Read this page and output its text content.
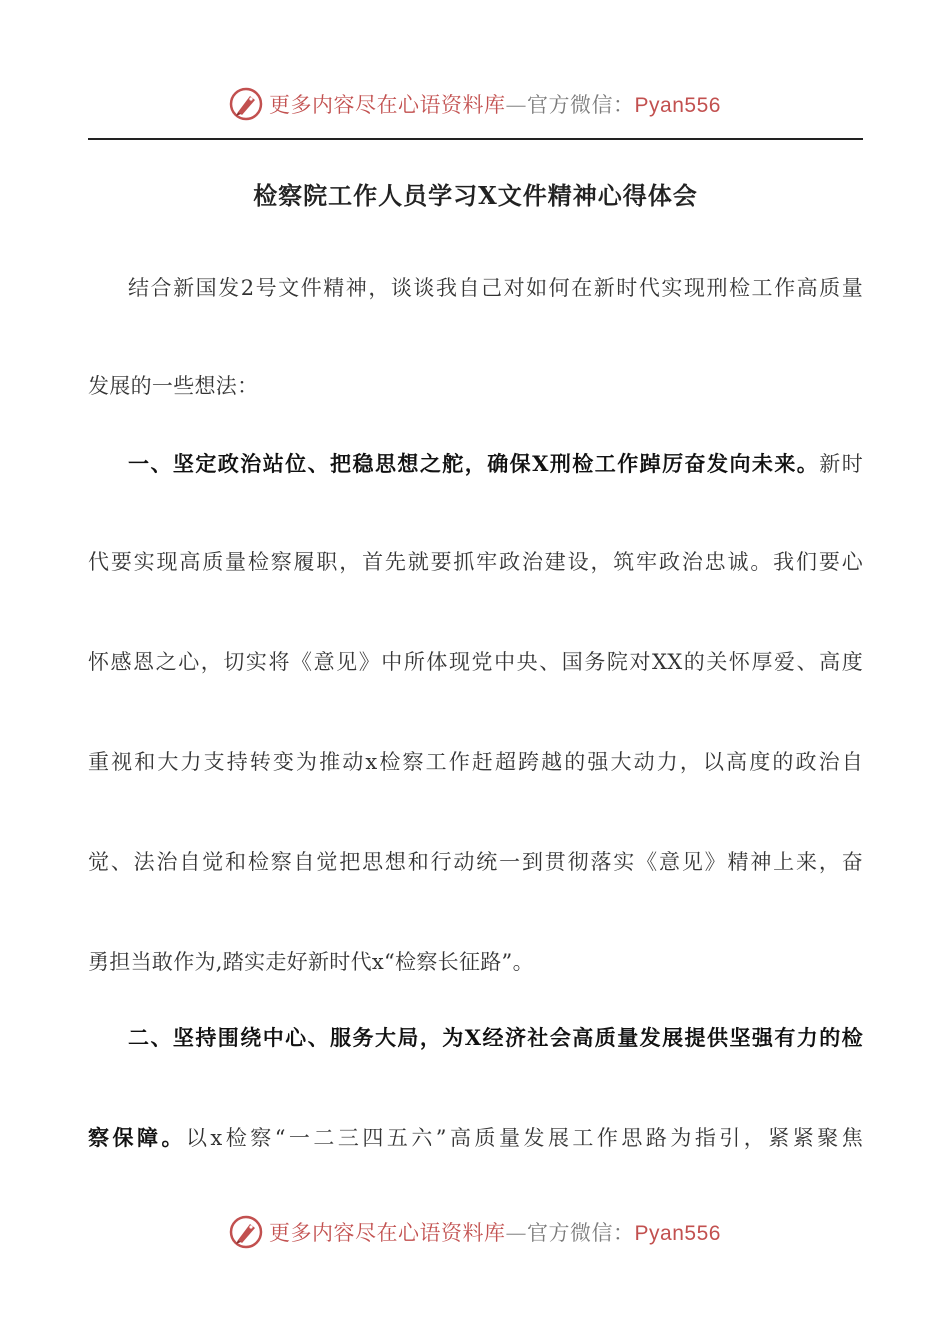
更多内容尽在心语资料库—官方微信：Pyan556
检察院工作人员学习X文件精神心得体会
结合新国发2号文件精神，谈谈我自己对如何在新时代实现刑检工作高质量
发展的一些想法：
一、坚定政治站位、把稳思想之舵，确保X刑检工作踔厉奋发向未来。新时
代要实现高质量检察履职，首先就要抓牢政治建设，筑牢政治忠诚。我们要心
怀感恩之心，切实将《意见》中所体现党中央、国务院对XX的关怀厚爱、高度
重视和大力支持转变为推动x检察工作赶超跨越的强大动力，以高度的政治自
觉、法治自觉和检察自觉把思想和行动统一到贯彻落实《意见》精神上来，奋
勇担当敢作为,踏实走好新时代x“检察长征路”。
二、坚持围绕中心、服务大局，为X经济社会高质量发展提供坚强有力的检
察保障。以x检察“一二三四五六”高质量发展工作思路为指引，紧紧聚焦
更多内容尽在心语资料库—官方微信：Pyan556
